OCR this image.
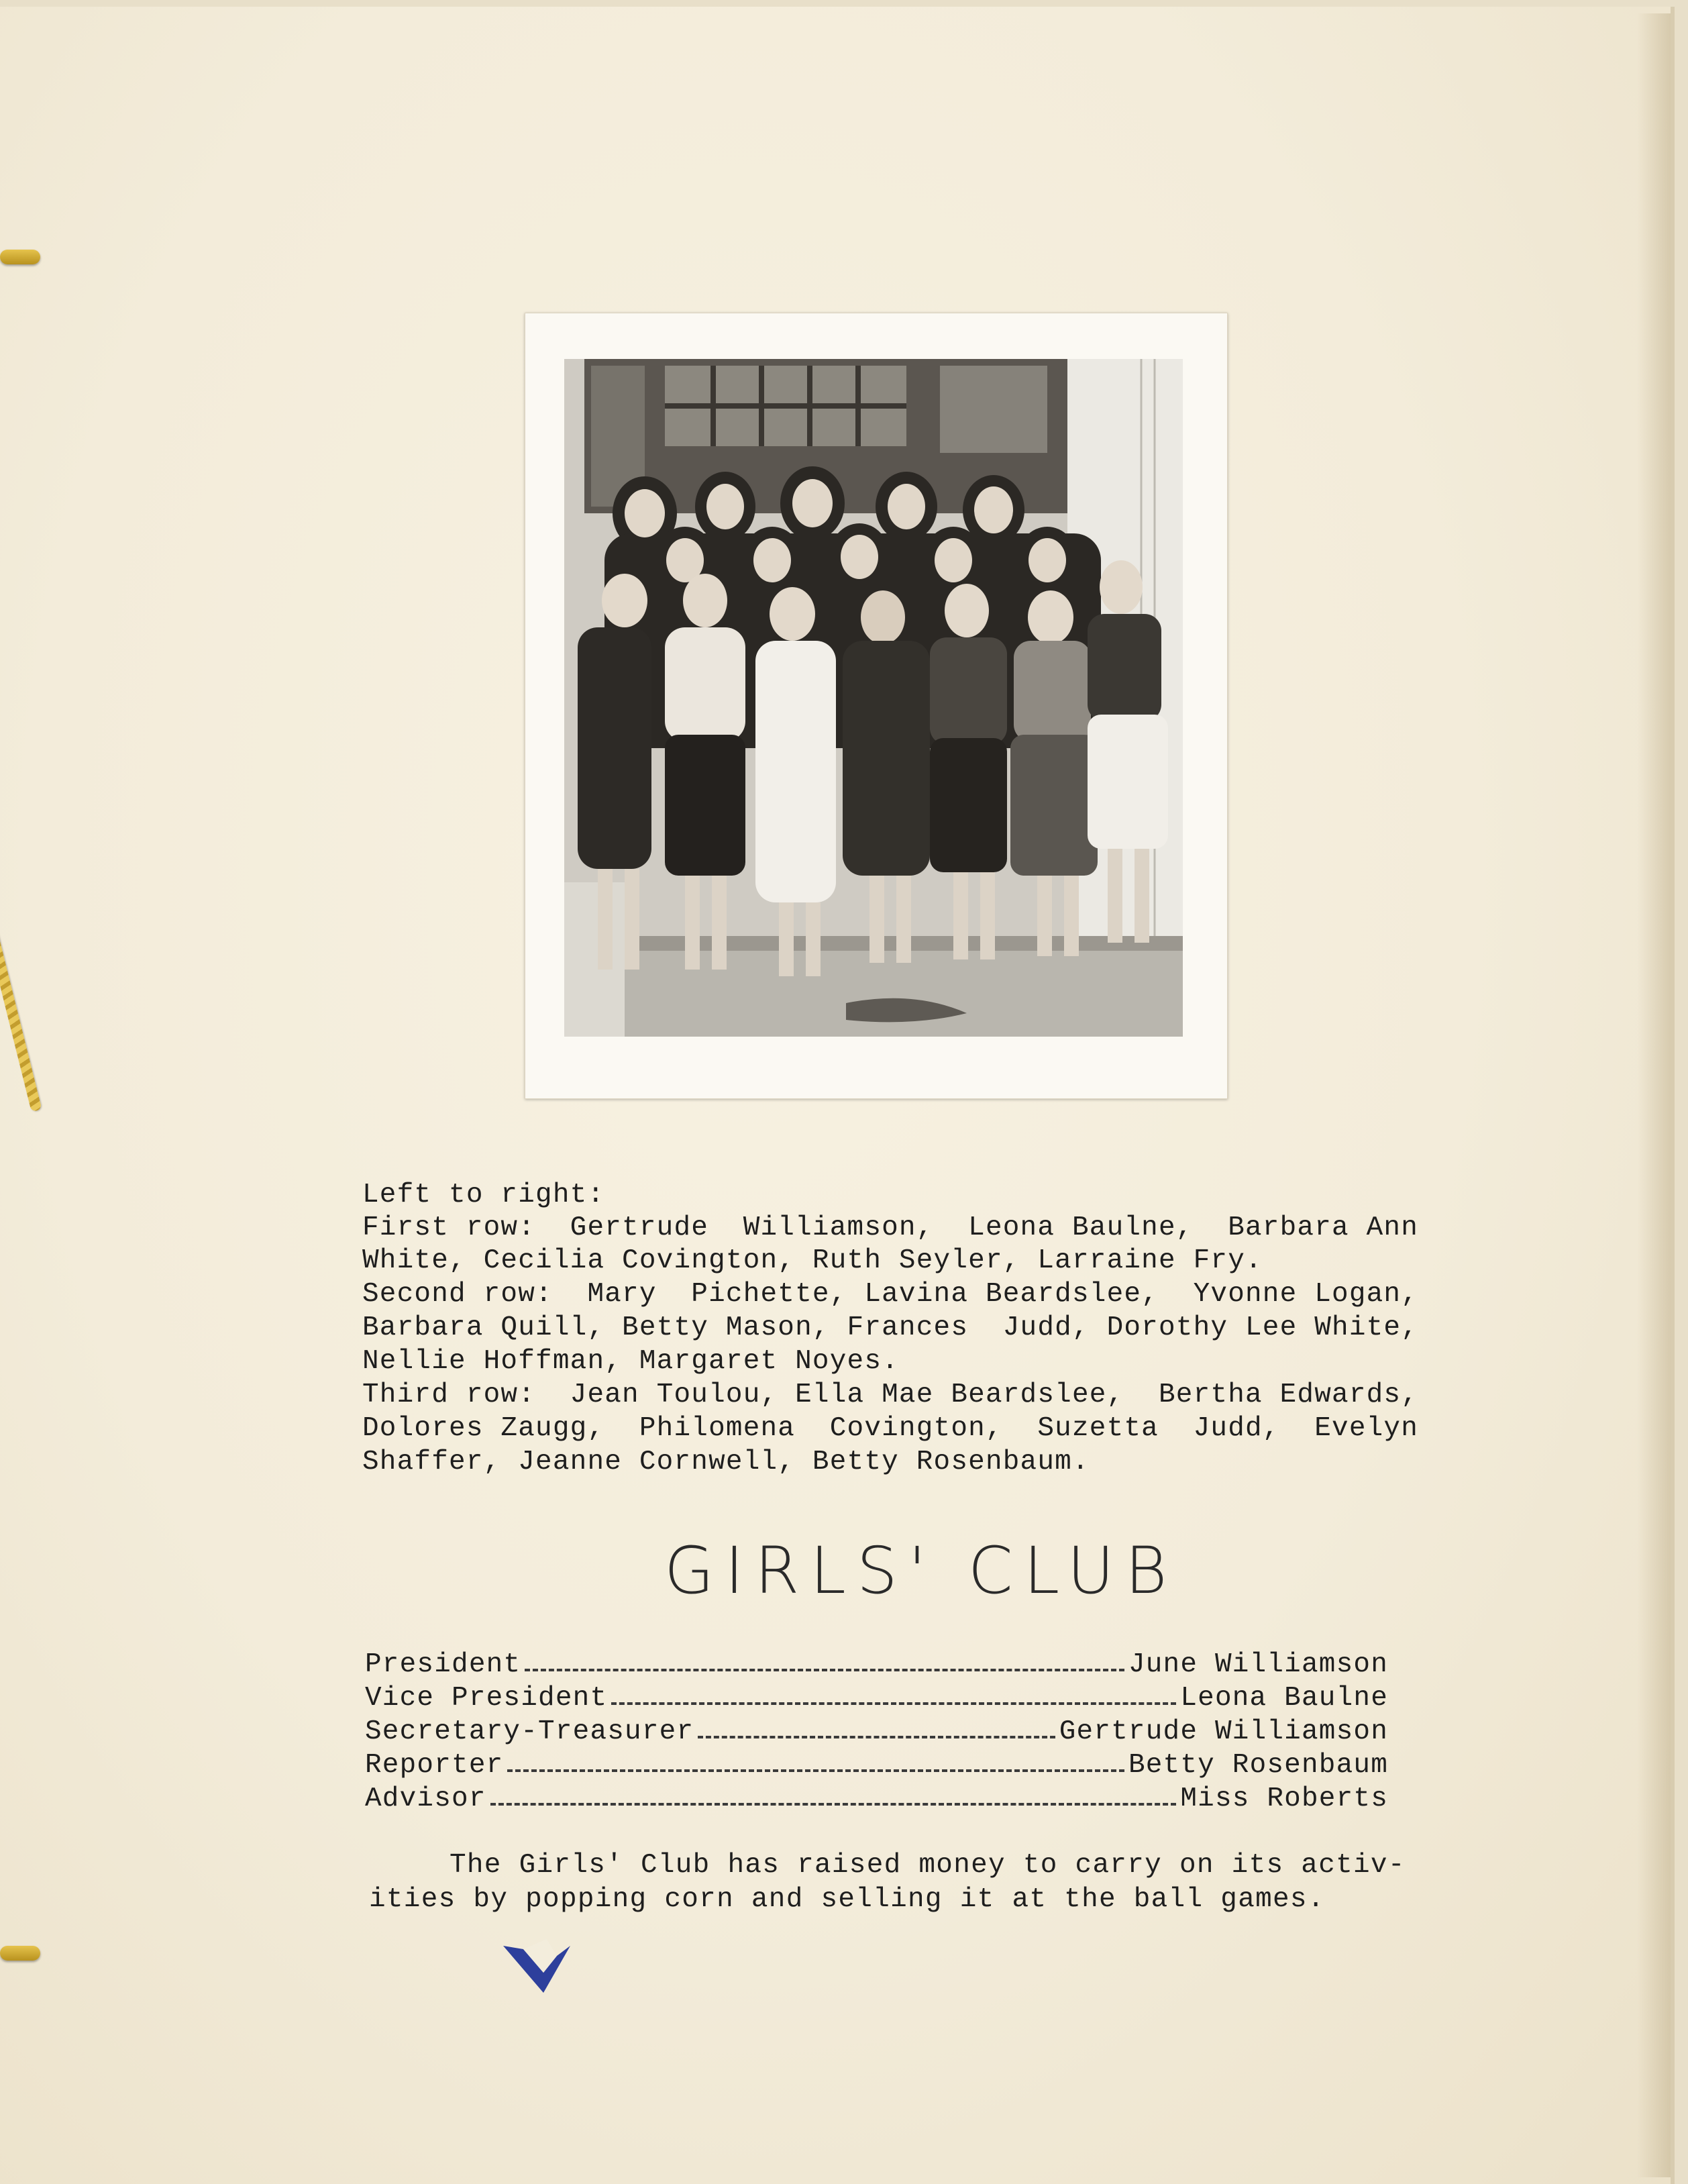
Left to right:
First row:  Gertrude  Williamson,  Leona Baulne,  Barbara Ann
White, Cecilia Covington, Ruth Seyler, Larraine Fry.
Second row:  Mary  Pichette, Lavina Beardslee,  Yvonne Logan,
Barbara Quill, Betty Mason, Frances  Judd, Dorothy Lee White,
Nellie Hoffman, Margaret Noyes.
Third row:  Jean Toulou, Ella Mae Beardslee,  Bertha Edwards,
Dolores Zaugg,  Philomena  Covington,  Suzetta  Judd,  Evelyn
Shaffer, Jeanne Cornwell, Betty Rosenbaum.
GIRLS' CLUB
President	June Williamson
Vice President	Leona Baulne
Secretary-Treasurer	Gertrude Williamson
Reporter	Betty Rosenbaum
Advisor	Miss Roberts
The Girls' Club has raised money to carry on its activ-ities by popping corn and selling it at the ball games.
